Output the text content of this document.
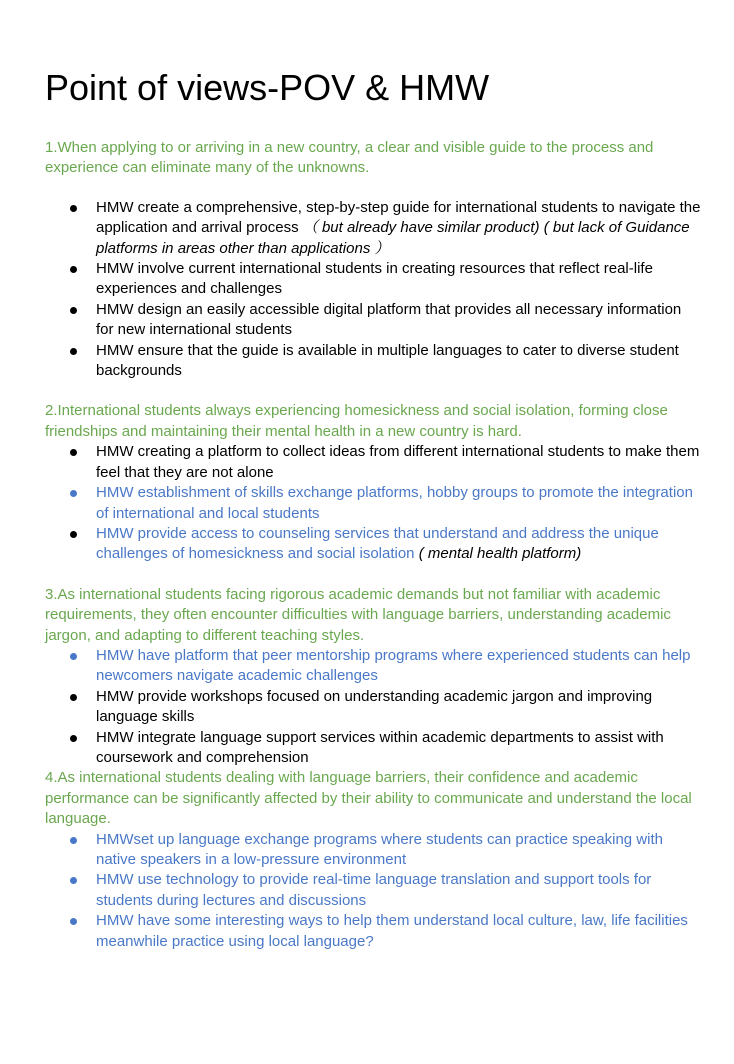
Point of views-POV & HMW

1.When applying to or arriving in a new country, a clear and visible guide to the process and experience can eliminate many of the unknowns.

HMW create a comprehensive, step-by-step guide for international students to navigate the application and arrival process （ but already have similar product) ( but lack of Guidance platforms in areas other than applications ）
HMW involve current international students in creating resources that reflect real-life experiences and challenges
HMW design an easily accessible digital platform that provides all necessary information for new international students
HMW ensure that the guide is available in multiple languages to cater to diverse student backgrounds

2.International students always experiencing homesickness and social isolation, forming close friendships and maintaining their mental health in a new country is hard.

HMW creating a platform to collect ideas from different international students to make them feel that they are not alone
HMW establishment of skills exchange platforms, hobby groups to promote the integration of international and local students
HMW provide access to counseling services that understand and address the unique challenges of homesickness and social isolation ( mental health platform)

3.As international students facing rigorous academic demands but not familiar with academic requirements, they often encounter difficulties with language barriers, understanding academic jargon, and adapting to different teaching styles.

HMW have platform that peer mentorship programs where experienced students can help newcomers navigate academic challenges
HMW provide workshops focused on understanding academic jargon and improving language skills
HMW integrate language support services within academic departments to assist with coursework and comprehension

4.As international students dealing with language barriers, their confidence and academic performance can be significantly affected by their ability to communicate and understand the local language.

HMWset up language exchange programs where students can practice speaking with native speakers in a low-pressure environment
HMW use technology to provide real-time language translation and support tools for students during lectures and discussions
HMW have some interesting ways to help them understand local culture, law, life facilities meanwhile practice using local language?
